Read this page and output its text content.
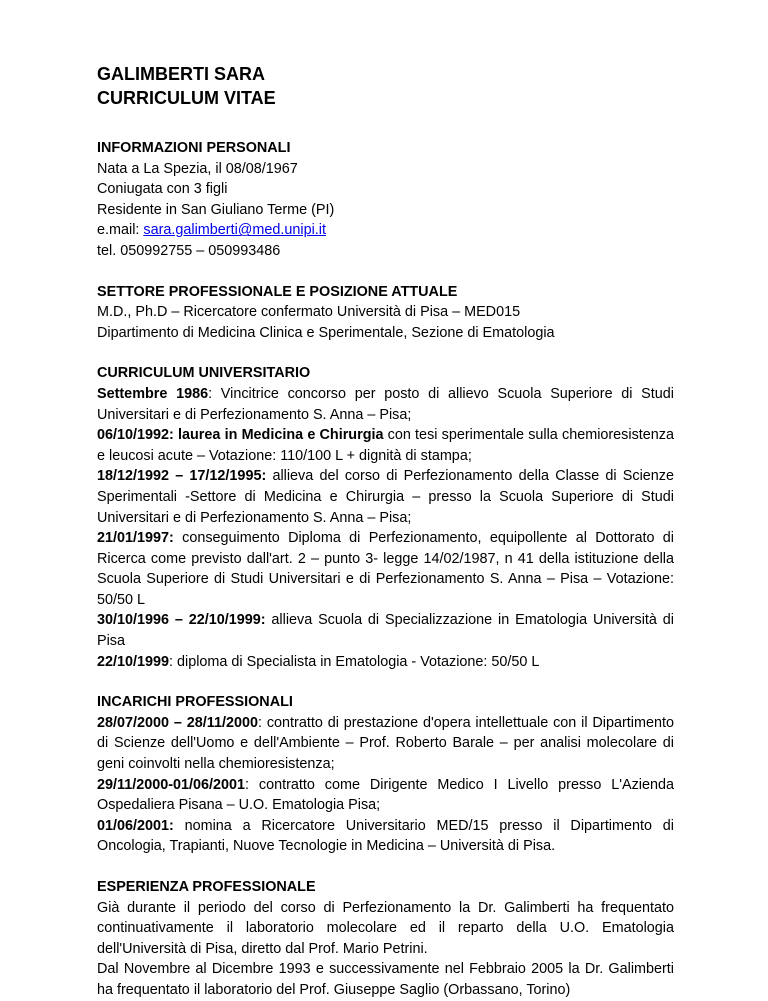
GALIMBERTI SARA

CURRICULUM VITAE

INFORMAZIONI PERSONALI

Nata a La Spezia, il 08/08/1967

Coniugata con 3 figli

Residente in San Giuliano Terme (PI)

e.mail: sara.galimberti@med.unipi.it

tel. 050992755 – 050993486

SETTORE PROFESSIONALE E POSIZIONE ATTUALE

M.D., Ph.D – Ricercatore confermato Università di Pisa – MED015

Dipartimento di Medicina Clinica e Sperimentale, Sezione di Ematologia

CURRICULUM UNIVERSITARIO

Settembre 1986: Vincitrice concorso per posto di allievo Scuola Superiore di Studi Universitari e di Perfezionamento S. Anna – Pisa;

06/10/1992: laurea in Medicina e Chirurgia con tesi sperimentale sulla chemioresistenza e leucosi acute – Votazione: 110/100 L + dignità di stampa;

18/12/1992 – 17/12/1995: allieva del corso di Perfezionamento della Classe di Scienze Sperimentali -Settore di Medicina e Chirurgia – presso la Scuola Superiore di Studi Universitari e di Perfezionamento S. Anna – Pisa;

21/01/1997: conseguimento Diploma di Perfezionamento, equipollente al Dottorato di Ricerca come previsto dall'art. 2 – punto 3- legge 14/02/1987, n 41 della istituzione della Scuola Superiore di Studi Universitari e di Perfezionamento S. Anna – Pisa – Votazione: 50/50 L

30/10/1996 – 22/10/1999: allieva Scuola di Specializzazione in Ematologia Università di Pisa

22/10/1999: diploma di Specialista in Ematologia - Votazione: 50/50 L

INCARICHI PROFESSIONALI

28/07/2000 – 28/11/2000: contratto di prestazione d'opera intellettuale con il Dipartimento di Scienze dell'Uomo e dell'Ambiente – Prof. Roberto Barale – per analisi molecolare di geni coinvolti nella chemioresistenza;

29/11/2000-01/06/2001: contratto come Dirigente Medico I Livello presso L'Azienda Ospedaliera Pisana – U.O. Ematologia Pisa;

01/06/2001: nomina a Ricercatore Universitario MED/15 presso il Dipartimento di Oncologia, Trapianti, Nuove Tecnologie in Medicina – Università di Pisa.

ESPERIENZA PROFESSIONALE

Già durante il periodo del corso di Perfezionamento la Dr. Galimberti ha frequentato continuativamente il laboratorio molecolare ed il reparto della U.O. Ematologia dell'Università di Pisa, diretto dal Prof. Mario Petrini.

Dal Novembre al Dicembre 1993 e successivamente nel Febbraio 2005 la Dr. Galimberti ha frequentato il laboratorio del Prof. Giuseppe Saglio (Orbassano, Torino)
